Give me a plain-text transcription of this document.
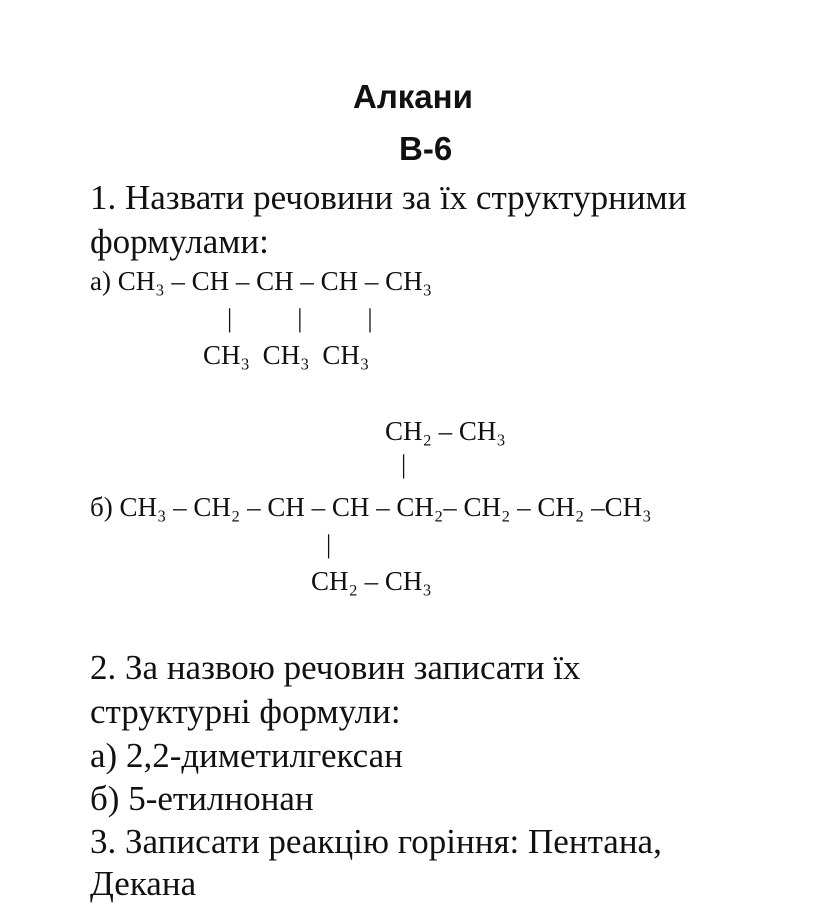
Алкани
В-6
1. Назвати речовини за їх структурними
формулами:
а) CH₃ – CH – CH – CH – CH₃
|          |          |
CH₃ CH₃ CH₃
CH₂ – CH₃
|
б) CH₃ – CH₂ – CH – CH – CH₂– CH₂ – CH₂ –CH₃
|
CH₂ – CH₃
2. За назвою речовин записати їх
структурні формули:
а) 2,2-диметилгексан
б) 5-етилнонан
3. Записати реакцію горіння: Пентана,
Декана
